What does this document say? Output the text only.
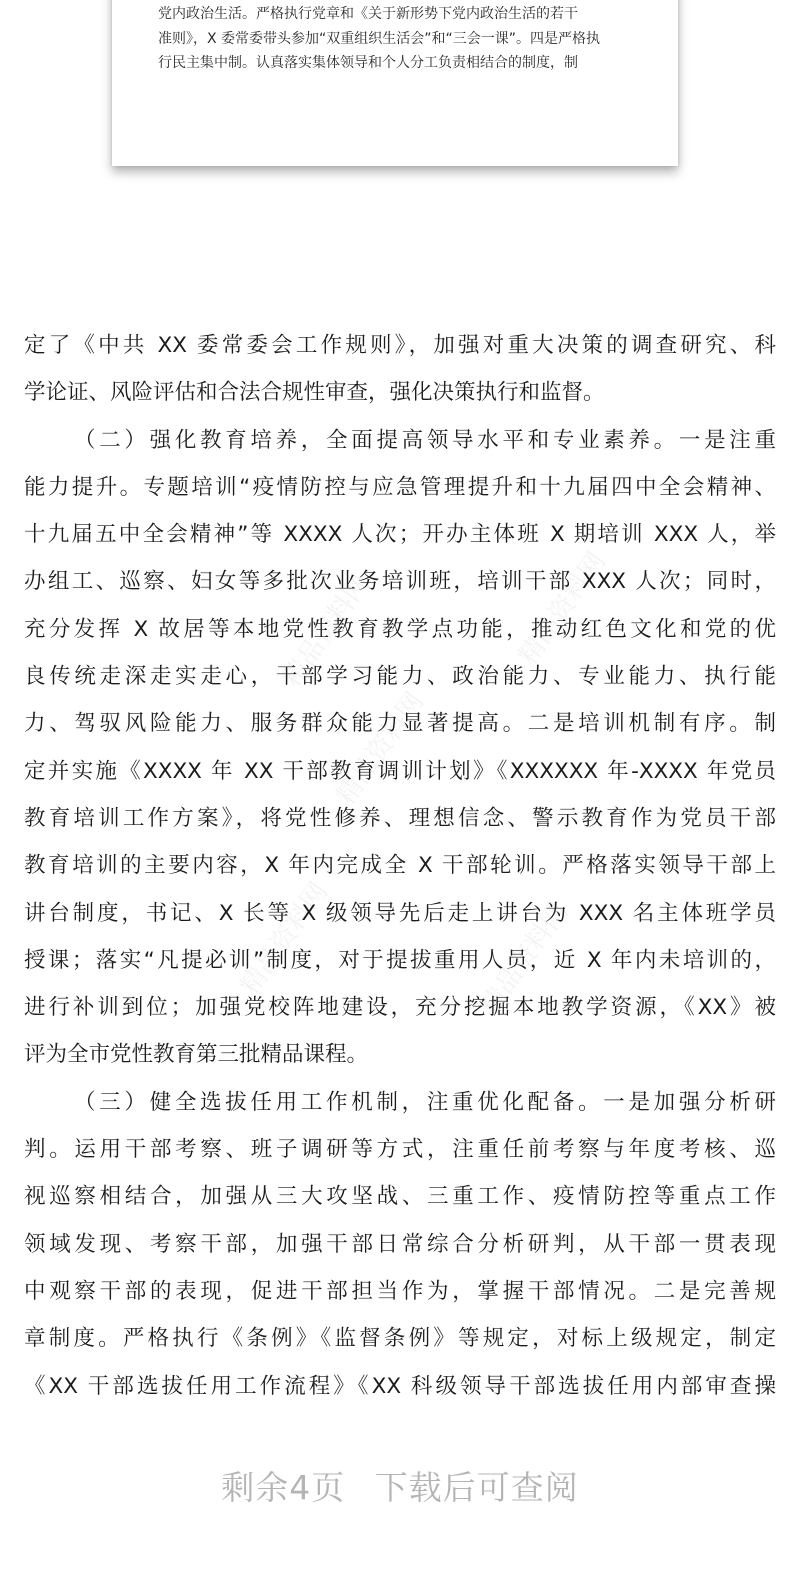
党内政治生活。严格执行党章和《关于新形势下党内政治生活的若干
准则》，X 委常委带头参加“双重组织生活会”和“三会一课”。四是严格执
行民主集中制。认真落实集体领导和个人分工负责相结合的制度，制
精品资料网	精品资料网
精品资料网
精品资料网	精品资料网
定了《中共 XX 委常委会工作规则》，加强对重大决策的调查研究、科
学论证、风险评估和合法合规性审查，强化决策执行和监督。
（二）强化教育培养，全面提高领导水平和专业素养。一是注重
能力提升。专题培训“疫情防控与应急管理提升和十九届四中全会精神、
十九届五中全会精神”等 XXXX 人次；开办主体班 X 期培训 XXX 人，举
办组工、巡察、妇女等多批次业务培训班，培训干部 XXX 人次；同时，
充分发挥 X 故居等本地党性教育教学点功能，推动红色文化和党的优
良传统走深走实走心，干部学习能力、政治能力、专业能力、执行能
力、驾驭风险能力、服务群众能力显著提高。二是培训机制有序。制
定并实施《XXXX 年 XX 干部教育调训计划》《XXXXXX 年-XXXX 年党员
教育培训工作方案》，将党性修养、理想信念、警示教育作为党员干部
教育培训的主要内容，X 年内完成全 X 干部轮训。严格落实领导干部上
讲台制度，书记、X 长等 X 级领导先后走上讲台为 XXX 名主体班学员
授课；落实“凡提必训”制度，对于提拔重用人员，近 X 年内未培训的，
进行补训到位；加强党校阵地建设，充分挖掘本地教学资源，《XX》被
评为全市党性教育第三批精品课程。
（三）健全选拔任用工作机制，注重优化配备。一是加强分析研
判。运用干部考察、班子调研等方式，注重任前考察与年度考核、巡
视巡察相结合，加强从三大攻坚战、三重工作、疫情防控等重点工作
领域发现、考察干部，加强干部日常综合分析研判，从干部一贯表现
中观察干部的表现，促进干部担当作为，掌握干部情况。二是完善规
章制度。严格执行《条例》《监督条例》等规定，对标上级规定，制定
《XX 干部选拔任用工作流程》《XX 科级领导干部选拔任用内部审查操
剩余4页 下载后可查阅
